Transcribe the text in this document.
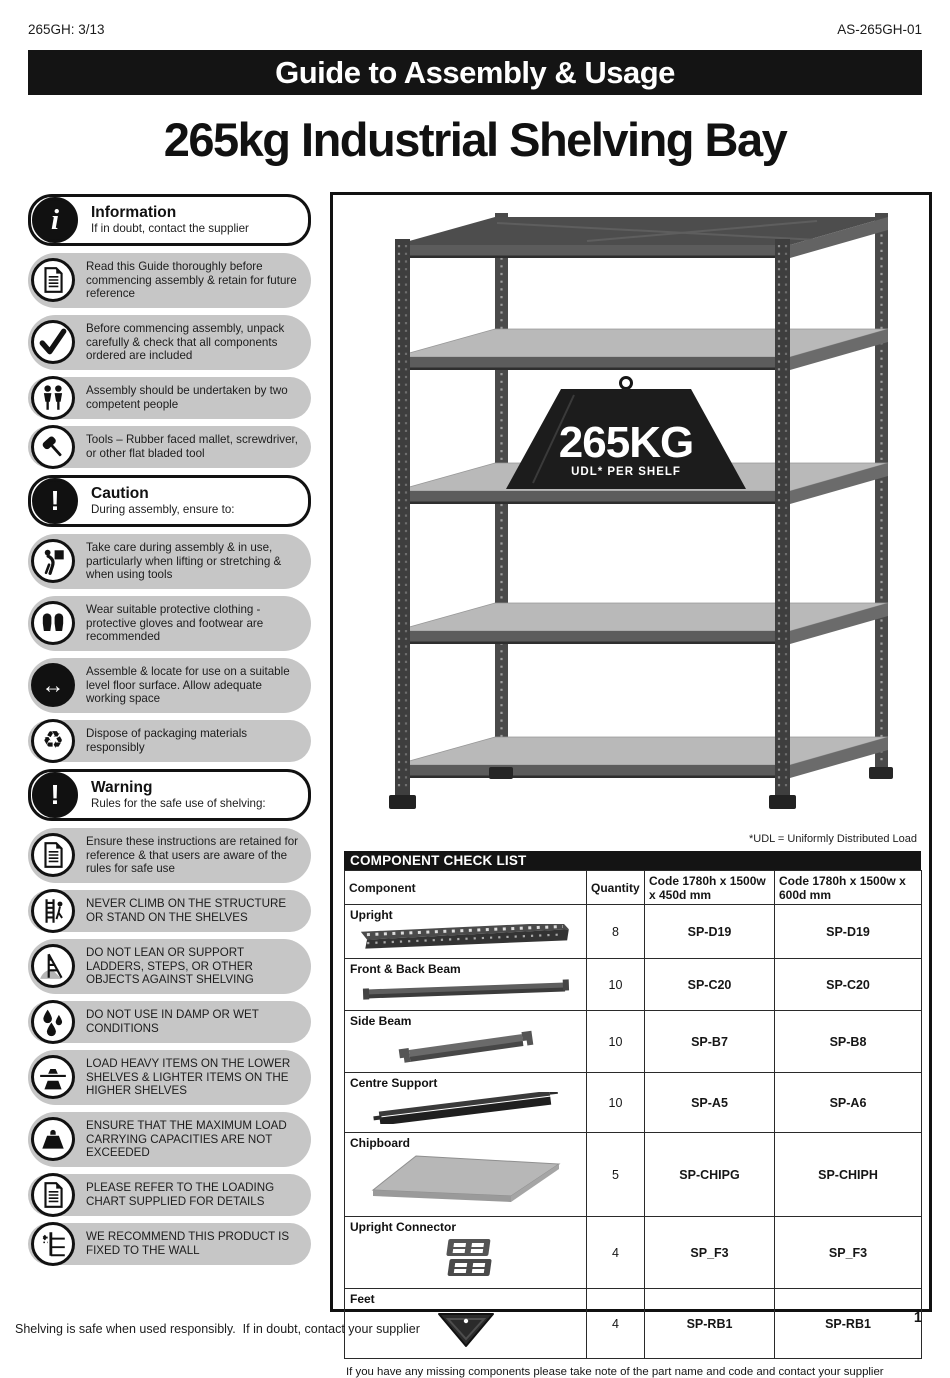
265GH: 3/13	AS-265GH-01
Guide to Assembly & Usage
265kg Industrial Shelving Bay
i Information
If in doubt, contact the supplier
Read this Guide thoroughly before commencing assembly & retain for future reference
Before commencing assembly, unpack carefully & check that all components ordered are included
Assembly should be undertaken by two competent people
Tools – Rubber faced mallet, screwdriver, or other flat bladed tool
! Caution
During assembly, ensure to:
Take care during assembly & in use, particularly when lifting or stretching & when using tools
Wear suitable protective clothing - protective gloves and footwear are recommended
↔
Assemble & locate for use on a suitable level floor surface. Allow adequate working space
♻ Dispose of packaging materials responsibly
! Warning
Rules for the safe use of shelving:
Ensure these instructions are retained for reference & that users are aware of the rules for safe use
NEVER CLIMB ON THE STRUCTURE OR STAND ON THE SHELVES
DO NOT LEAN OR SUPPORT LADDERS, STEPS, OR OTHER OBJECTS AGAINST SHELVING
DO NOT USE IN DAMP OR WET CONDITIONS
LOAD HEAVY ITEMS ON THE LOWER SHELVES & LIGHTER ITEMS ON THE HIGHER SHELVES
ENSURE THAT THE MAXIMUM LOAD CARRYING CAPACITIES ARE NOT EXCEEDED
PLEASE REFER TO THE LOADING CHART SUPPLIED FOR DETAILS
WE RECOMMEND THIS PRODUCT IS FIXED TO THE WALL
265KG
UDL* PER SHELF
*UDL = Uniformly Distributed Load
COMPONENT CHECK LIST
Component	Quantity	Code 1780h x 1500w x 450d mm	Code 1780h x 1500w x 600d mm

Upright	8	SP-D19	SP-D19

Front & Back Beam	10	SP-C20	SP-C20

Side Beam	10	SP-B7	SP-B8

Centre Support	10	SP-A5	SP-A6

Chipboard	5	SP-CHIPG	SP-CHIPH

Upright Connector	4	SP_F3	SP_F3

Feet	4	SP-RB1	SP-RB1
If you have any missing components please take note of the part name and code and contact your supplier
Shelving is safe when used responsibly.  If in doubt, contact your supplier
1
